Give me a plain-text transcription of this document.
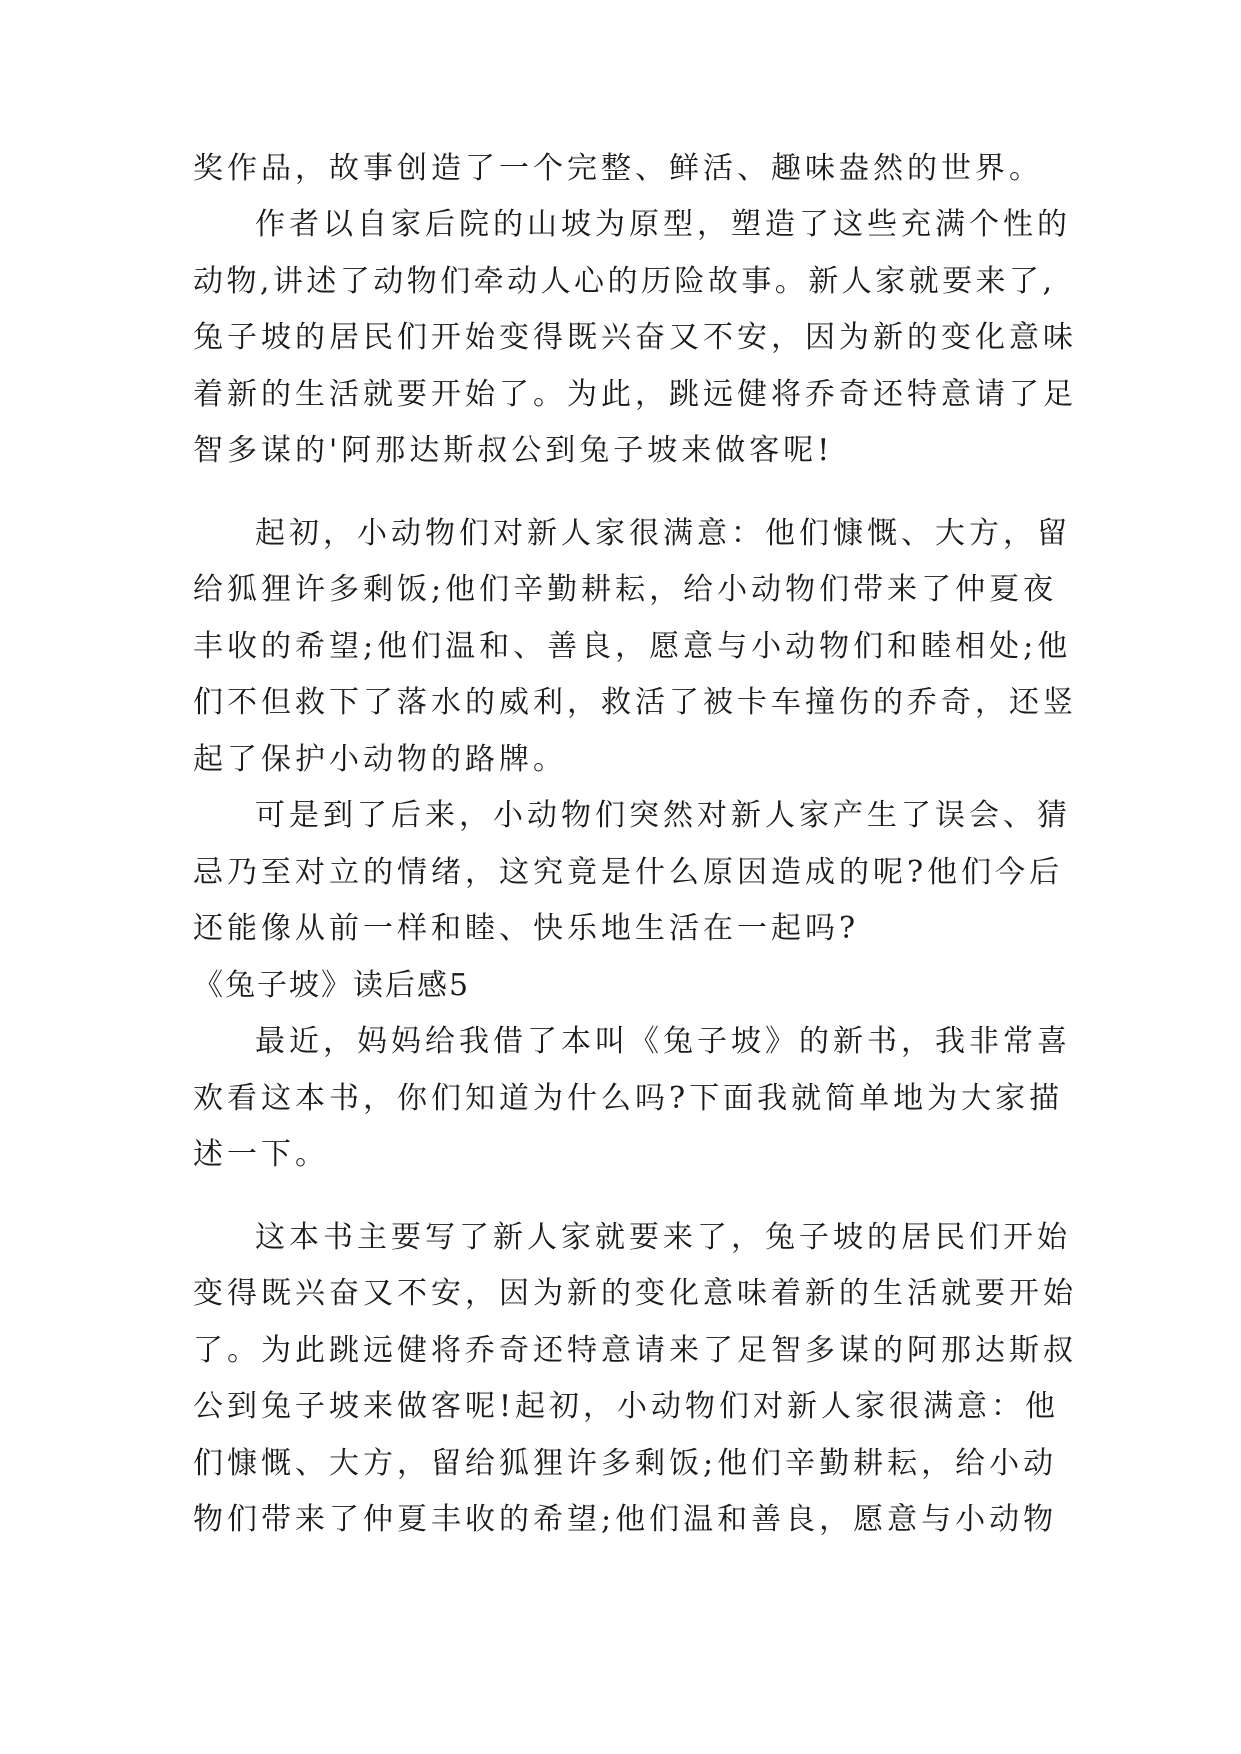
奖作品，故事创造了一个完整、鲜活、趣味盎然的世界。
作者以自家后院的山坡为原型，塑造了这些充满个性的
动物,讲述了动物们牵动人心的历险故事。新人家就要来了,
兔子坡的居民们开始变得既兴奋又不安，因为新的变化意味
着新的生活就要开始了。为此，跳远健将乔奇还特意请了足
智多谋的'阿那达斯叔公到兔子坡来做客呢!
起初，小动物们对新人家很满意：他们慷慨、大方，留
给狐狸许多剩饭;他们辛勤耕耘，给小动物们带来了仲夏夜
丰收的希望;他们温和、善良，愿意与小动物们和睦相处;他
们不但救下了落水的威利，救活了被卡车撞伤的乔奇，还竖
起了保护小动物的路牌。
可是到了后来，小动物们突然对新人家产生了误会、猜
忌乃至对立的情绪，这究竟是什么原因造成的呢?他们今后
还能像从前一样和睦、快乐地生活在一起吗?
《兔子坡》读后感5
最近，妈妈给我借了本叫《兔子坡》的新书，我非常喜
欢看这本书，你们知道为什么吗?下面我就简单地为大家描
述一下。
这本书主要写了新人家就要来了，兔子坡的居民们开始
变得既兴奋又不安，因为新的变化意味着新的生活就要开始
了。为此跳远健将乔奇还特意请来了足智多谋的阿那达斯叔
公到兔子坡来做客呢!起初，小动物们对新人家很满意：他
们慷慨、大方，留给狐狸许多剩饭;他们辛勤耕耘，给小动
物们带来了仲夏丰收的希望;他们温和善良，愿意与小动物
